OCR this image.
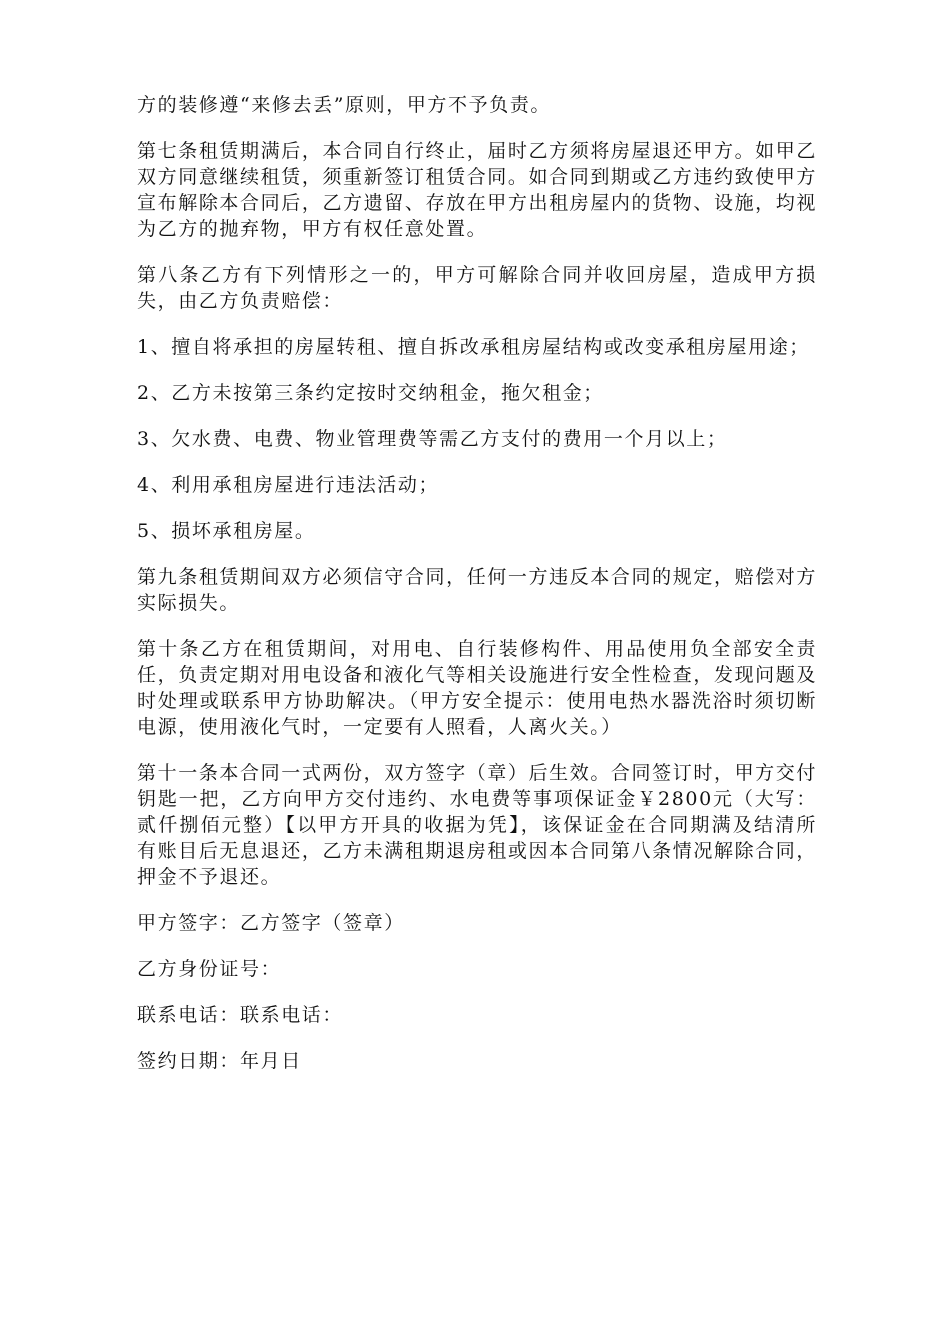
方的装修遵“来修去丢”原则，甲方不予负责。

第七条租赁期满后，本合同自行终止，届时乙方须将房屋退还甲方。如甲乙双方同意继续租赁，须重新签订租赁合同。如合同到期或乙方违约致使甲方宣布解除本合同后，乙方遗留、存放在甲方出租房屋内的货物、设施，均视为乙方的抛弃物，甲方有权任意处置。

第八条乙方有下列情形之一的，甲方可解除合同并收回房屋，造成甲方损失，由乙方负责赔偿：

1、擅自将承担的房屋转租、擅自拆改承租房屋结构或改变承租房屋用途；

2、乙方未按第三条约定按时交纳租金，拖欠租金；

3、欠水费、电费、物业管理费等需乙方支付的费用一个月以上；

4、利用承租房屋进行违法活动；

5、损坏承租房屋。

第九条租赁期间双方必须信守合同，任何一方违反本合同的规定，赔偿对方实际损失。

第十条乙方在租赁期间，对用电、自行装修构件、用品使用负全部安全责任，负责定期对用电设备和液化气等相关设施进行安全性检查，发现问题及时处理或联系甲方协助解决。（甲方安全提示：使用电热水器洗浴时须切断电源，使用液化气时，一定要有人照看，人离火关。）

第十一条本合同一式两份，双方签字（章）后生效。合同签订时，甲方交付钥匙一把，乙方向甲方交付违约、水电费等事项保证金￥2800元（大写：贰仟捌佰元整）【以甲方开具的收据为凭】，该保证金在合同期满及结清所有账目后无息退还，乙方未满租期退房租或因本合同第八条情况解除合同，押金不予退还。

甲方签字：乙方签字（签章）

乙方身份证号：

联系电话：联系电话：

签约日期：年月日
